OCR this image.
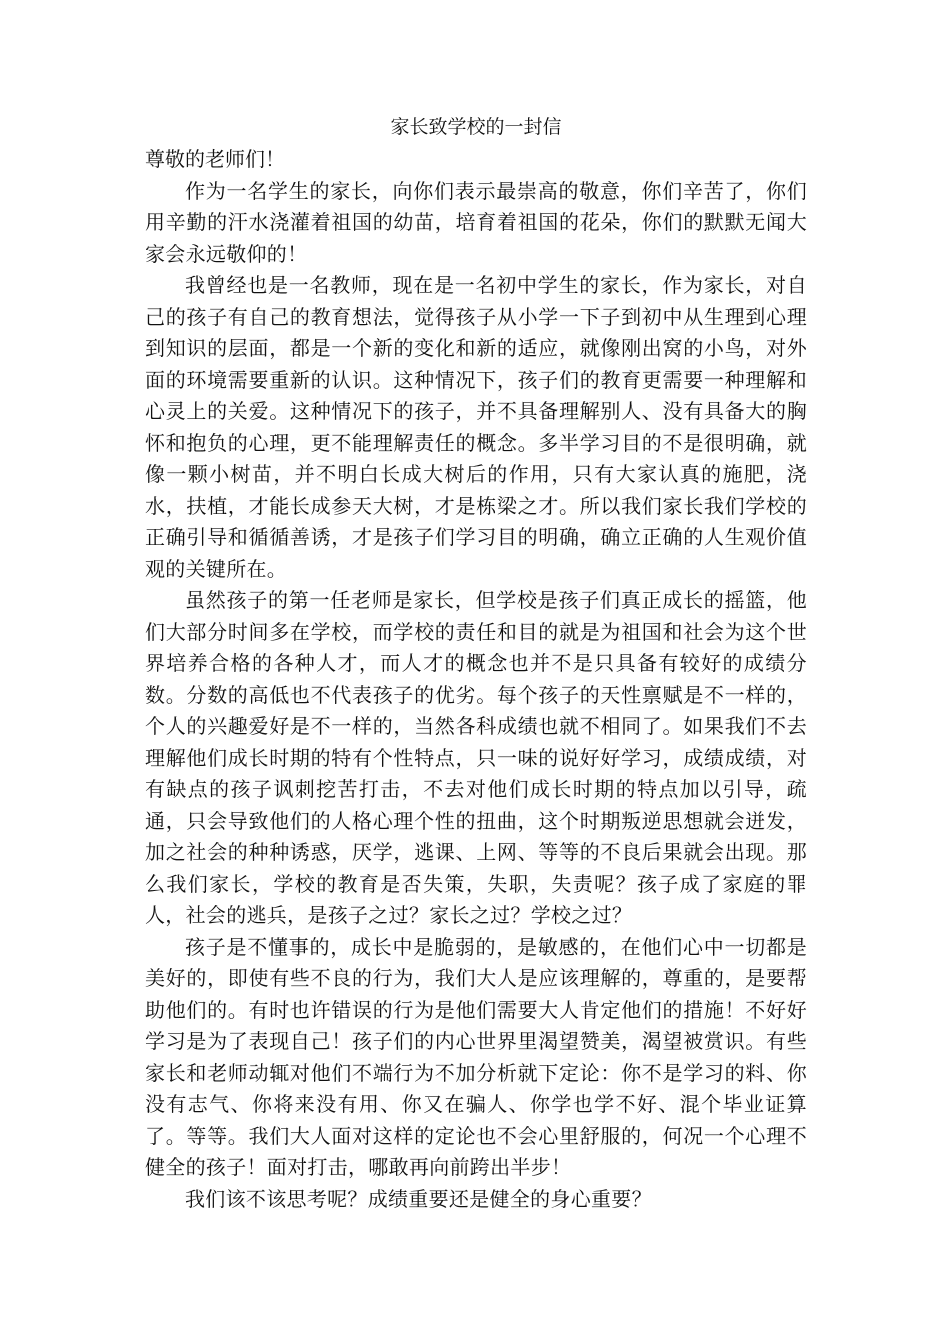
家长致学校的一封信

尊敬的老师们！

作为一名学生的家长，向你们表示最崇高的敬意，你们辛苦了，你们用辛勤的汗水浇灌着祖国的幼苗，培育着祖国的花朵，你们的默默无闻大家会永远敬仰的！

我曾经也是一名教师，现在是一名初中学生的家长，作为家长，对自己的孩子有自己的教育想法，觉得孩子从小学一下子到初中从生理到心理到知识的层面，都是一个新的变化和新的适应，就像刚出窝的小鸟，对外面的环境需要重新的认识。这种情况下，孩子们的教育更需要一种理解和心灵上的关爱。这种情况下的孩子，并不具备理解别人、没有具备大的胸怀和抱负的心理，更不能理解责任的概念。多半学习目的不是很明确，就像一颗小树苗，并不明白长成大树后的作用，只有大家认真的施肥，浇水，扶植，才能长成参天大树，才是栋梁之才。所以我们家长我们学校的正确引导和循循善诱，才是孩子们学习目的明确，确立正确的人生观价值观的关键所在。

虽然孩子的第一任老师是家长，但学校是孩子们真正成长的摇篮，他们大部分时间多在学校，而学校的责任和目的就是为祖国和社会为这个世界培养合格的各种人才，而人才的概念也并不是只具备有较好的成绩分数。分数的高低也不代表孩子的优劣。每个孩子的天性禀赋是不一样的，个人的兴趣爱好是不一样的，当然各科成绩也就不相同了。如果我们不去理解他们成长时期的特有个性特点，只一味的说好好学习，成绩成绩，对有缺点的孩子讽刺挖苦打击，不去对他们成长时期的特点加以引导，疏通，只会导致他们的人格心理个性的扭曲，这个时期叛逆思想就会迸发，加之社会的种种诱惑，厌学，逃课、上网、等等的不良后果就会出现。那么我们家长，学校的教育是否失策，失职，失责呢？孩子成了家庭的罪人，社会的逃兵，是孩子之过？家长之过？学校之过？

孩子是不懂事的，成长中是脆弱的，是敏感的，在他们心中一切都是美好的，即使有些不良的行为，我们大人是应该理解的，尊重的，是要帮助他们的。有时也许错误的行为是他们需要大人肯定他们的措施！不好好学习是为了表现自己！孩子们的内心世界里渴望赞美，渴望被赏识。有些家长和老师动辄对他们不端行为不加分析就下定论：你不是学习的料、你没有志气、你将来没有用、你又在骗人、你学也学不好、混个毕业证算了。等等。我们大人面对这样的定论也不会心里舒服的，何况一个心理不健全的孩子！面对打击，哪敢再向前跨出半步！

我们该不该思考呢？成绩重要还是健全的身心重要？
